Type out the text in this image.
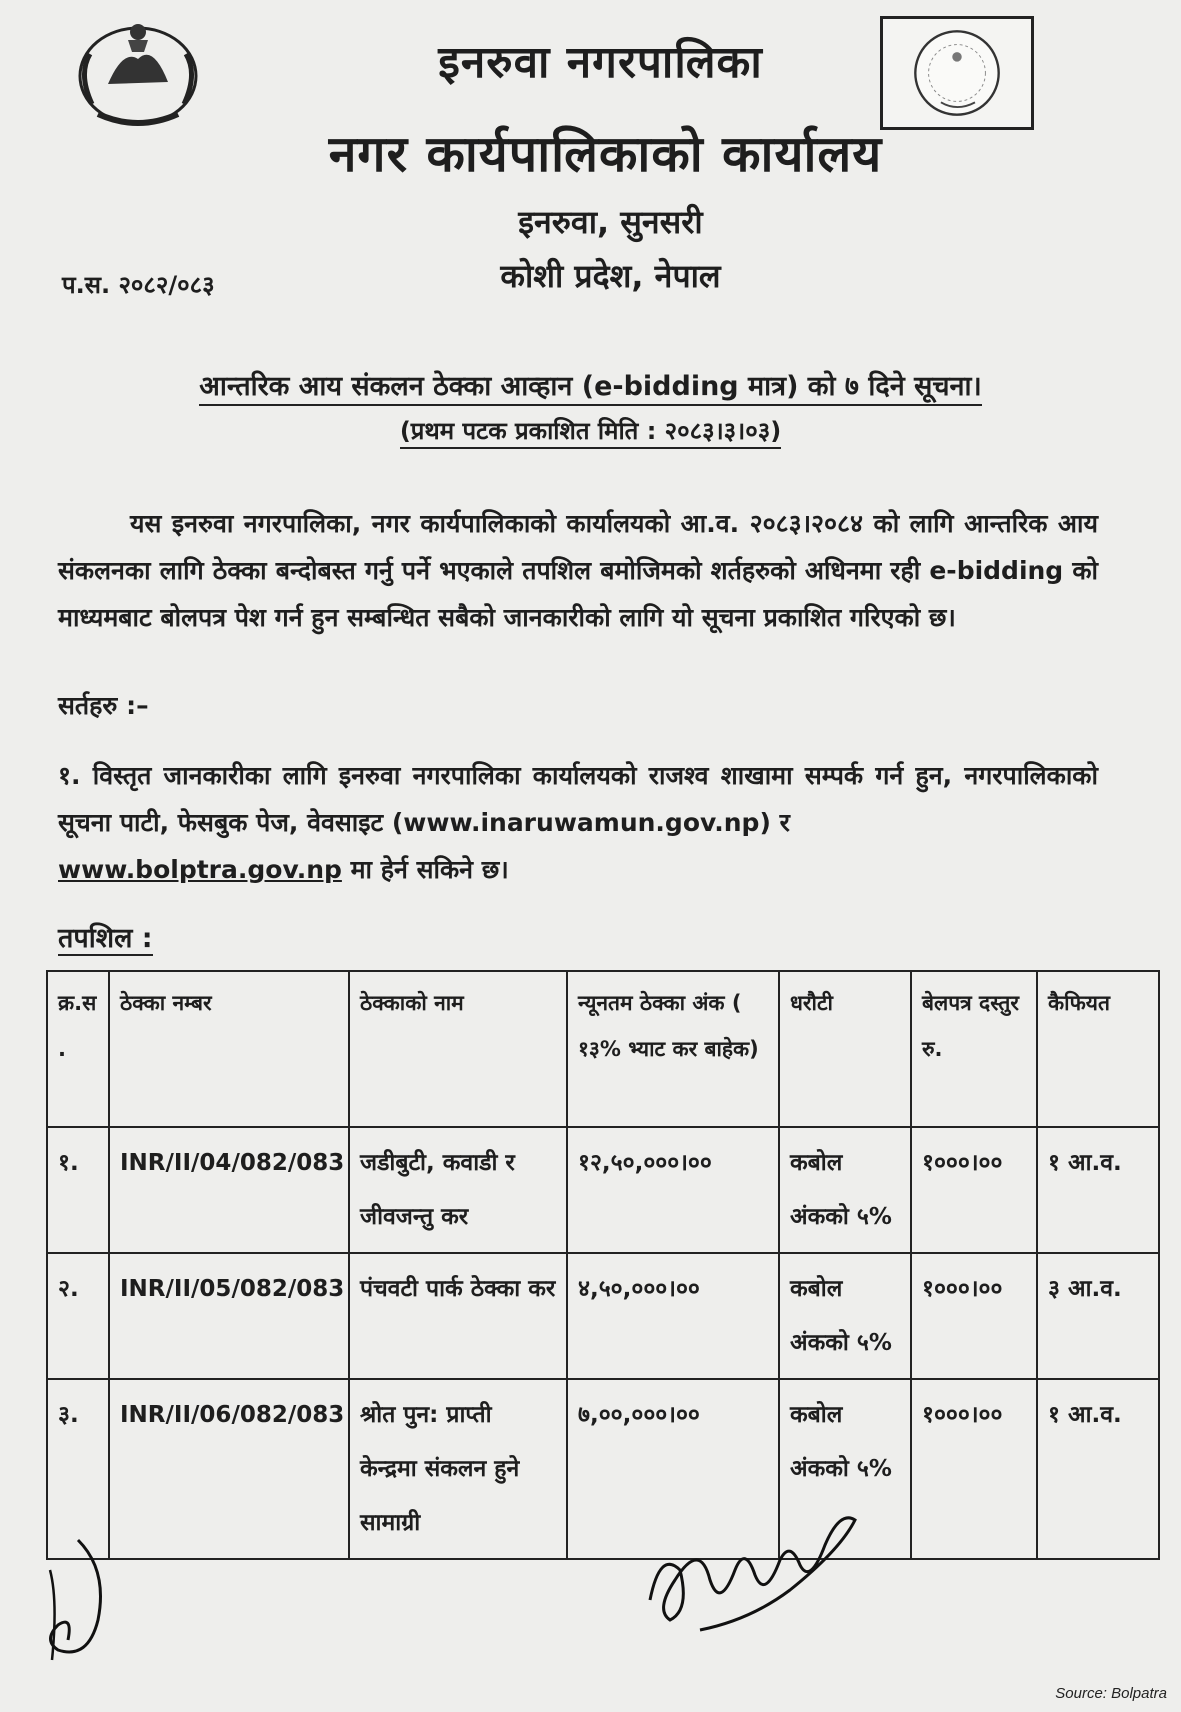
इनरुवा नगरपालिका
नगर कार्यपालिकाको कार्यालय
इनरुवा, सुनसरी
कोशी प्रदेश, नेपाल
प.स. २०८२/०८३
आन्तरिक आय संकलन ठेक्का आव्हान (e-bidding मात्र) को ७ दिने सूचना।
(प्रथम पटक प्रकाशित मिति : २०८३।३।०३)
यस इनरुवा नगरपालिका, नगर कार्यपालिकाको कार्यालयको आ.व. २०८३।२०८४ को लागि आन्तरिक आय संकलनका लागि ठेक्का बन्दोबस्त गर्नु पर्ने भएकाले तपशिल बमोजिमको शर्तहरुको अधिनमा रही e-bidding को माध्यमबाट बोलपत्र पेश गर्न हुन सम्बन्धित सबैको जानकारीको लागि यो सूचना प्रकाशित गरिएको छ।
सर्तहरु :–
१. विस्तृत जानकारीका लागि इनरुवा नगरपालिका कार्यालयको राजश्व शाखामा सम्पर्क गर्न हुन, नगरपालिकाको सूचना पाटी, फेसबुक पेज, वेवसाइट (www.inaruwamun.gov.np) र
www.bolptra.gov.np मा हेर्न सकिने छ।
तपशिल :
क्र.स .	ठेक्का नम्बर	ठेक्काको नाम	न्यूनतम ठेक्का अंक ( १३% भ्याट कर बाहेक)	धरौटी	बेलपत्र दस्तुर रु.	कैफियत
१.	INR/II/04/082/083	जडीबुटी, कवाडी र जीवजन्तु कर	१२,५०,०००।००	कबोल अंकको ५%	१०००।००	१ आ.व.
२.	INR/II/05/082/083	पंचवटी पार्क ठेक्का कर	४,५०,०००।००	कबोल अंकको ५%	१०००।००	३ आ.व.
३.	INR/II/06/082/083	श्रोत पुन: प्राप्ती केन्द्रमा संकलन हुने सामाग्री	७,००,०००।००	कबोल अंकको ५%	१०००।००	१ आ.व.
Source: Bolpatra
